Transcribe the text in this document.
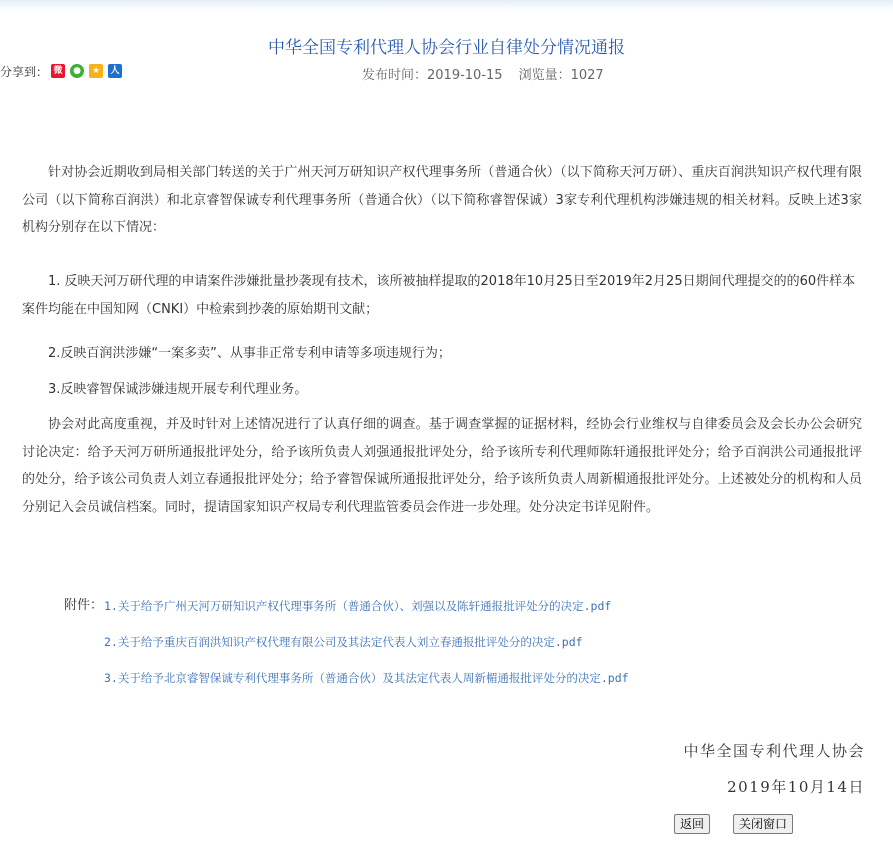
分享到： 微	●	★	人
中华全国专利代理人协会行业自律处分情况通报
发布时间：2019-10-15 浏览量：1027

针对协会近期收到局相关部门转送的关于广州天河万研知识产权代理事务所（普通合伙）（以下简称天河万研）、重庆百润洪知识产权代理有限公司（以下简称百润洪）和北京睿智保诚专利代理事务所（普通合伙）（以下简称睿智保诚）3家专利代理机构涉嫌违规的相关材料。反映上述3家机构分别存在以下情况：

1. 反映天河万研代理的申请案件涉嫌批量抄袭现有技术，该所被抽样提取的2018年10月25日至2019年2月25日期间代理提交的的60件样本案件均能在中国知网（CNKI）中检索到抄袭的原始期刊文献；

2.反映百润洪涉嫌“一案多卖”、从事非正常专利申请等多项违规行为；

3.反映睿智保诚涉嫌违规开展专利代理业务。

协会对此高度重视，并及时针对上述情况进行了认真仔细的调查。基于调查掌握的证据材料，经协会行业维权与自律委员会及会长办公会研究讨论决定：给予天河万研所通报批评处分，给予该所负责人刘强通报批评处分，给予该所专利代理师陈轩通报批评处分；给予百润洪公司通报批评的处分，给予该公司负责人刘立春通报批评处分；给予睿智保诚所通报批评处分，给予该所负责人周新楣通报批评处分。上述被处分的机构和人员分别记入会员诚信档案。同时，提请国家知识产权局专利代理监管委员会作进一步处理。处分决定书详见附件。

附件： 1.关于给予广州天河万研知识产权代理事务所（普通合伙）、刘强以及陈轩通报批评处分的决定.pdf
2.关于给予重庆百润洪知识产权代理有限公司及其法定代表人刘立春通报批评处分的决定.pdf
3.关于给予北京睿智保诚专利代理事务所（普通合伙）及其法定代表人周新楣通报批评处分的决定.pdf
中华全国专利代理人协会
2019年10月14日
返回	关闭窗口
